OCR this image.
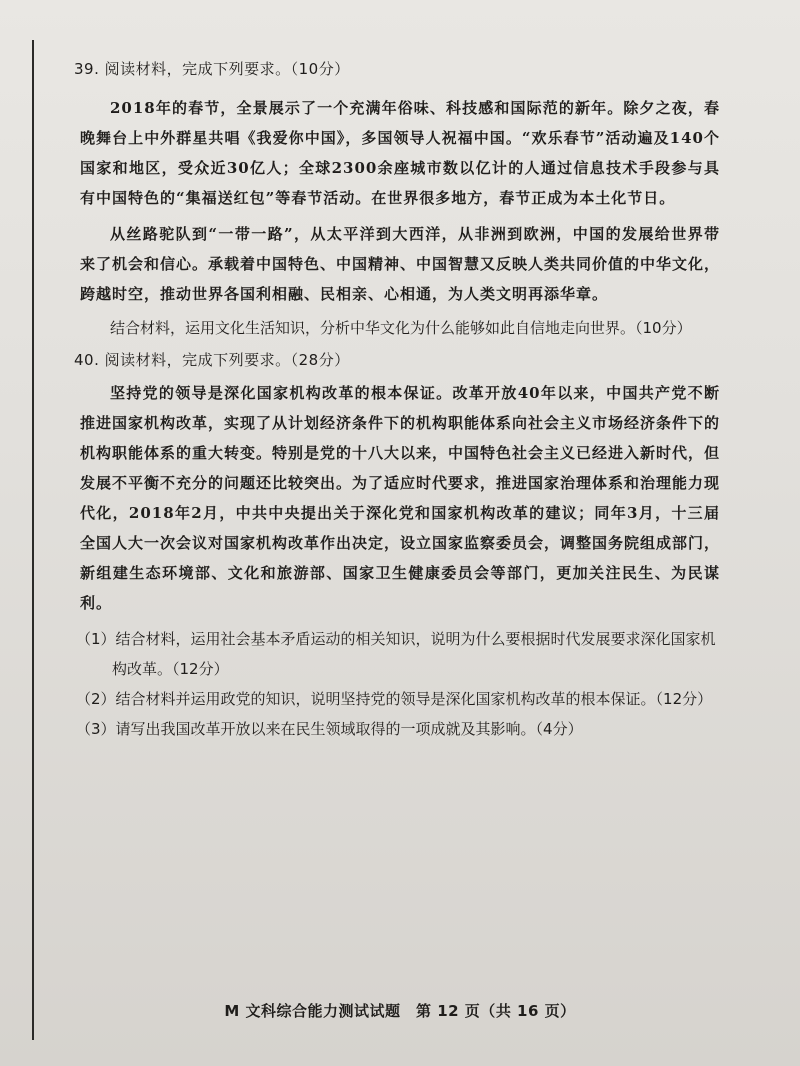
39. 阅读材料，完成下列要求。（10分）

2018年的春节，全景展示了一个充满年俗味、科技感和国际范的新年。除夕之夜，春晚舞台上中外群星共唱《我爱你中国》，多国领导人祝福中国。“欢乐春节”活动遍及140个国家和地区，受众近30亿人；全球2300余座城市数以亿计的人通过信息技术手段参与具有中国特色的“集福送红包”等春节活动。在世界很多地方，春节正成为本土化节日。

从丝路驼队到“一带一路”，从太平洋到大西洋，从非洲到欧洲，中国的发展给世界带来了机会和信心。承载着中国特色、中国精神、中国智慧又反映人类共同价值的中华文化，跨越时空，推动世界各国利相融、民相亲、心相通，为人类文明再添华章。

结合材料，运用文化生活知识，分析中华文化为什么能够如此自信地走向世界。（10分）

40. 阅读材料，完成下列要求。（28分）

坚持党的领导是深化国家机构改革的根本保证。改革开放40年以来，中国共产党不断推进国家机构改革，实现了从计划经济条件下的机构职能体系向社会主义市场经济条件下的机构职能体系的重大转变。特别是党的十八大以来，中国特色社会主义已经进入新时代，但发展不平衡不充分的问题还比较突出。为了适应时代要求，推进国家治理体系和治理能力现代化，2018年2月，中共中央提出关于深化党和国家机构改革的建议；同年3月，十三届全国人大一次会议对国家机构改革作出决定，设立国家监察委员会，调整国务院组成部门，新组建生态环境部、文化和旅游部、国家卫生健康委员会等部门，更加关注民生、为民谋利。

（1）结合材料，运用社会基本矛盾运动的相关知识，说明为什么要根据时代发展要求深化国家机构改革。（12分）

（2）结合材料并运用政党的知识，说明坚持党的领导是深化国家机构改革的根本保证。（12分）

（3）请写出我国改革开放以来在民生领域取得的一项成就及其影响。（4分）

M 文科综合能力测试试题　第 12 页（共 16 页）
